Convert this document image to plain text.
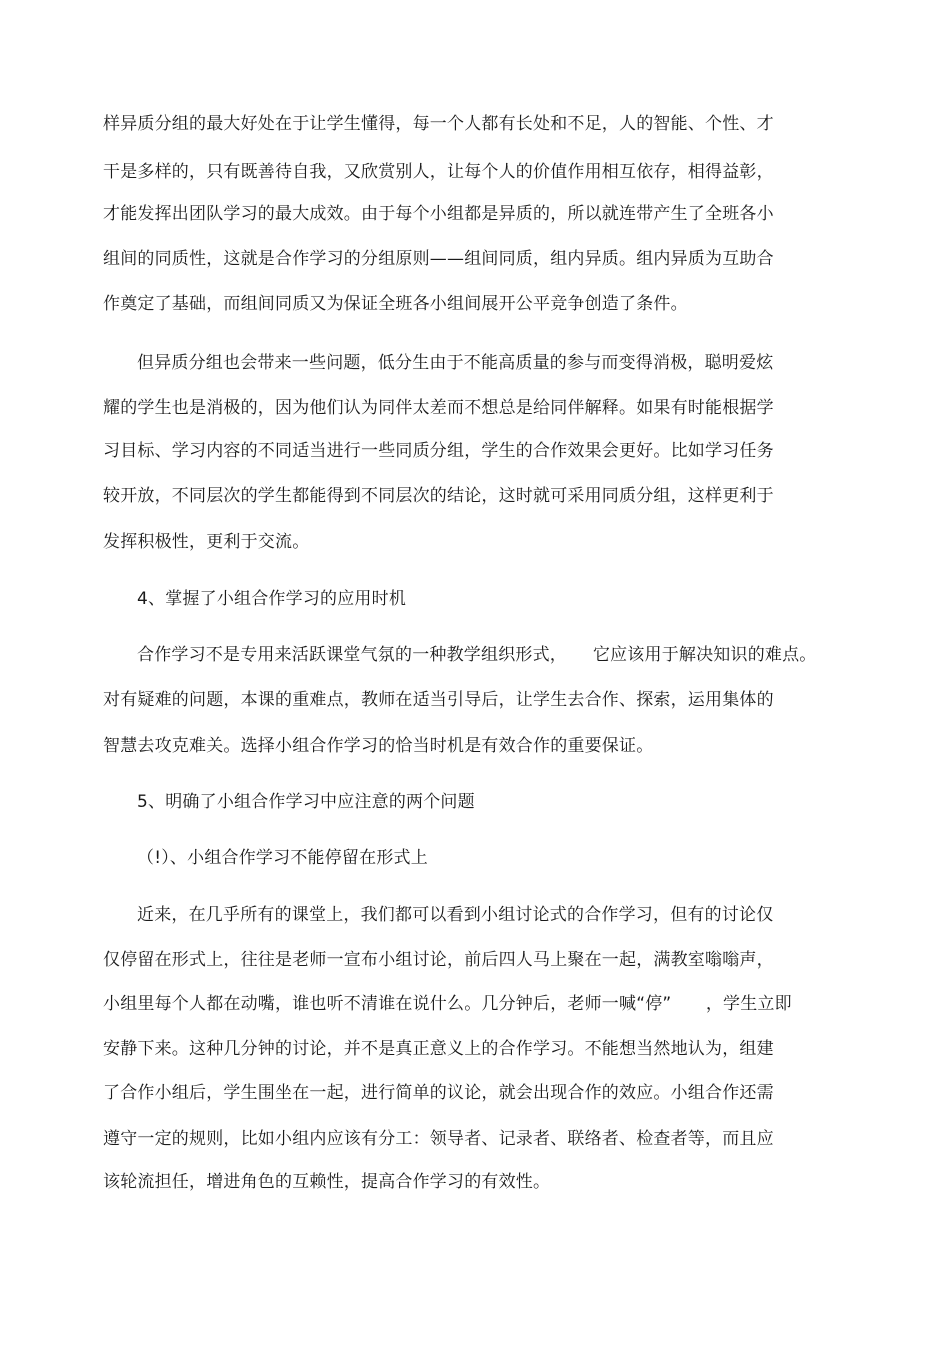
样异质分组的最大好处在于让学生懂得，每一个人都有长处和不足，人的智能、个性、才
干是多样的，只有既善待自我，又欣赏别人，让每个人的价值作用相互依存，相得益彰，
才能发挥出团队学习的最大成效。由于每个小组都是异质的，所以就连带产生了全班各小
组间的同质性，这就是合作学习的分组原则——组间同质，组内异质。组内异质为互助合
作奠定了基础，而组间同质又为保证全班各小组间展开公平竞争创造了条件。
但异质分组也会带来一些问题，低分生由于不能高质量的参与而变得消极，聪明爱炫
耀的学生也是消极的，因为他们认为同伴太差而不想总是给同伴解释。如果有时能根据学
习目标、学习内容的不同适当进行一些同质分组，学生的合作效果会更好。比如学习任务
较开放，不同层次的学生都能得到不同层次的结论，这时就可采用同质分组，这样更利于
发挥积极性，更利于交流。
4、掌握了小组合作学习的应用时机
合作学习不是专用来活跃课堂气氛的一种教学组织形式，　　它应该用于解决知识的难点。
对有疑难的问题，本课的重难点，教师在适当引导后，让学生去合作、探索，运用集体的
智慧去攻克难关。选择小组合作学习的恰当时机是有效合作的重要保证。
5、明确了小组合作学习中应注意的两个问题
（!）、小组合作学习不能停留在形式上
近来，在几乎所有的课堂上，我们都可以看到小组讨论式的合作学习，但有的讨论仅
仅停留在形式上，往往是老师一宣布小组讨论，前后四人马上聚在一起，满教室嗡嗡声，
小组里每个人都在动嘴，谁也听不清谁在说什么。几分钟后，老师一喊“停”　　，学生立即
安静下来。这种几分钟的讨论，并不是真正意义上的合作学习。不能想当然地认为，组建
了合作小组后，学生围坐在一起，进行简单的议论，就会出现合作的效应。小组合作还需
遵守一定的规则，比如小组内应该有分工：领导者、记录者、联络者、检查者等，而且应
该轮流担任，增进角色的互赖性，提高合作学习的有效性。
